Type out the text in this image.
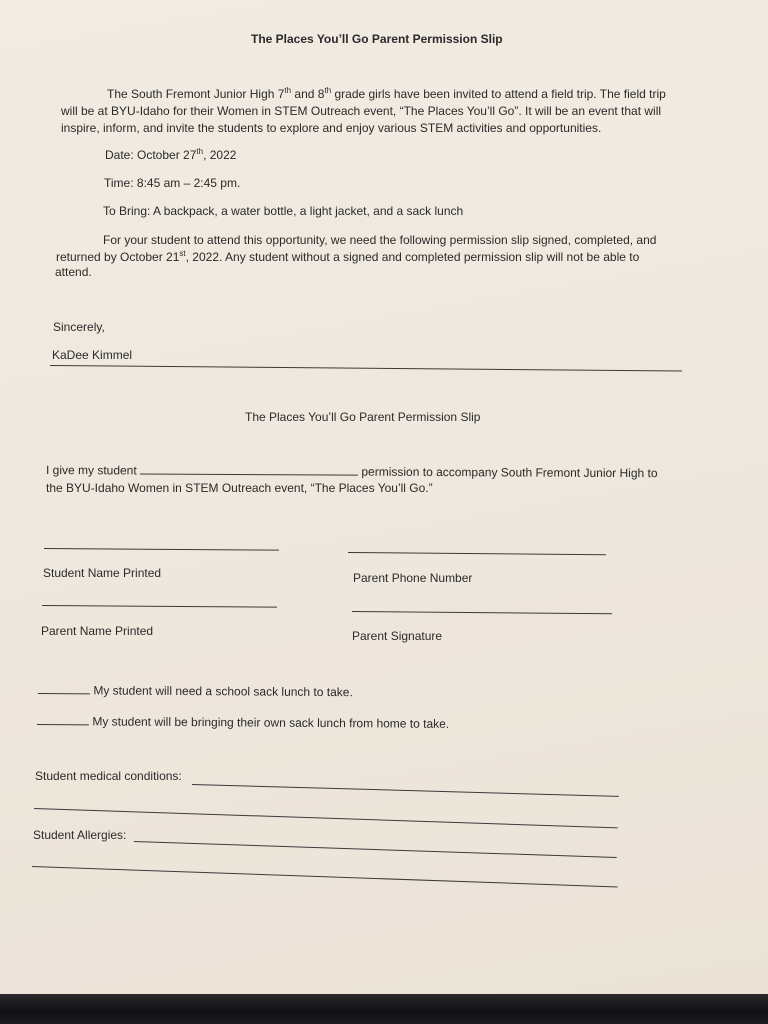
The Places You’ll Go Parent Permission Slip
The South Fremont Junior High 7th and 8th grade girls have been invited to attend a field trip. The field trip
will be at BYU-Idaho for their Women in STEM Outreach event, “The Places You’ll Go”. It will be an event that will
inspire, inform, and invite the students to explore and enjoy various STEM activities and opportunities.
Date: October 27th, 2022
Time: 8:45 am – 2:45 pm.
To Bring: A backpack, a water bottle, a light jacket, and a sack lunch
For your student to attend this opportunity, we need the following permission slip signed, completed, and
returned by October 21st, 2022. Any student without a signed and completed permission slip will not be able to
attend.
Sincerely,
KaDee Kimmel
The Places You’ll Go Parent Permission Slip
I give my student	permission to accompany South Fremont Junior High to
the BYU-Idaho Women in STEM Outreach event, “The Places You’ll Go.”
Student Name Printed	Parent Phone Number
Parent Name Printed	Parent Signature
My student will need a school sack lunch to take.
My student will be bringing their own sack lunch from home to take.
Student medical conditions:
Student Allergies:
